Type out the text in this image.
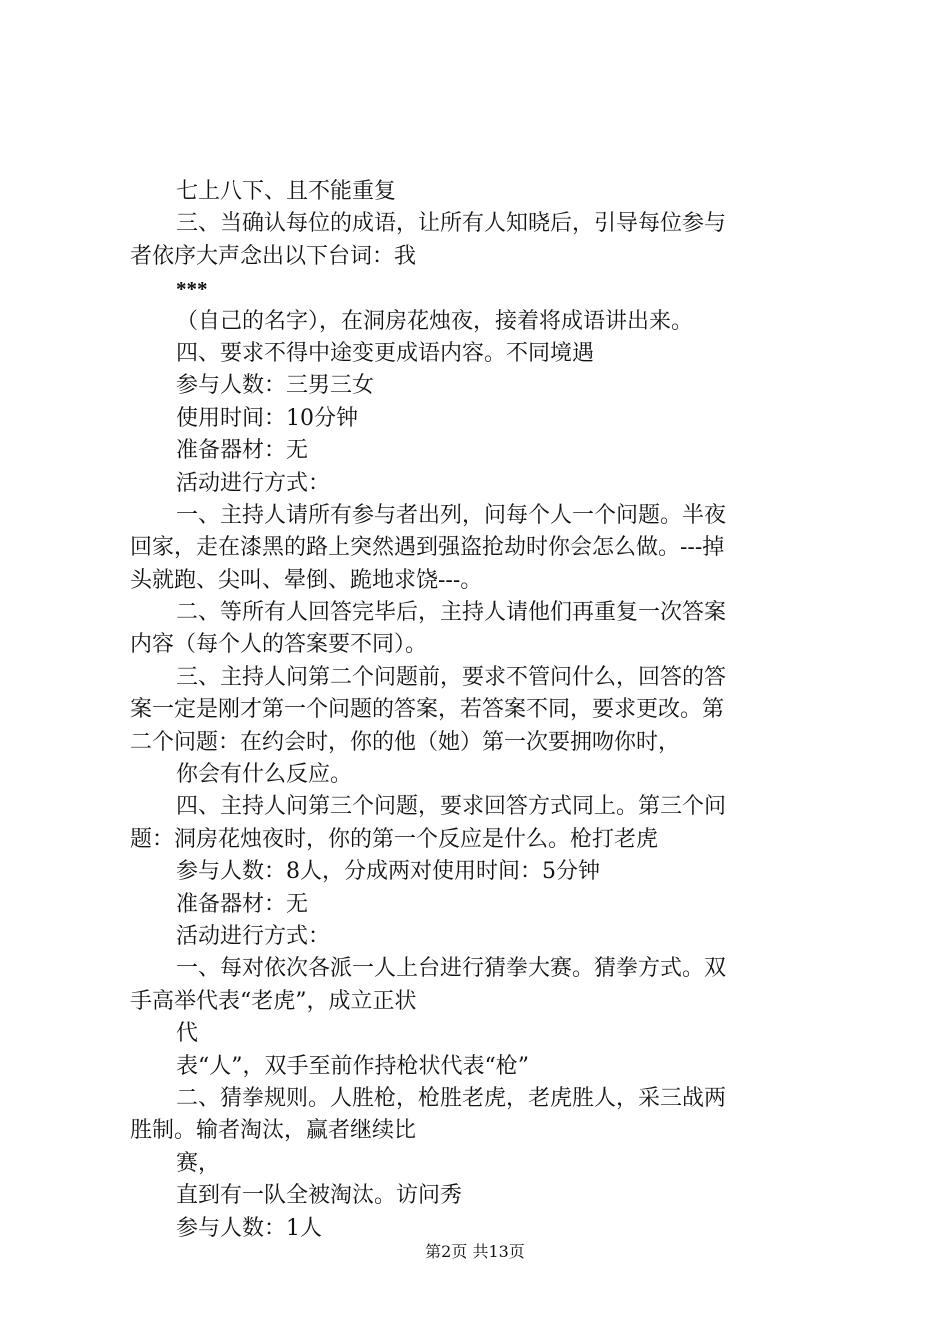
七上八下、且不能重复
三、当确认每位的成语，让所有人知晓后，引导每位参与
者依序大声念出以下台词：我
***
（自己的名字），在洞房花烛夜，接着将成语讲出来。
四、要求不得中途变更成语内容。不同境遇
参与人数：三男三女
使用时间：10分钟
准备器材：无
活动进行方式：
一、主持人请所有参与者出列，问每个人一个问题。半夜
回家，走在漆黑的路上突然遇到强盗抢劫时你会怎么做。---掉
头就跑、尖叫、晕倒、跪地求饶---。
二、等所有人回答完毕后，主持人请他们再重复一次答案
内容（每个人的答案要不同）。
三、主持人问第二个问题前，要求不管问什么，回答的答
案一定是刚才第一个问题的答案，若答案不同，要求更改。第
二个问题：在约会时，你的他（她）第一次要拥吻你时，
你会有什么反应。
四、主持人问第三个问题，要求回答方式同上。第三个问
题：洞房花烛夜时，你的第一个反应是什么。枪打老虎
参与人数：8人，分成两对使用时间：5分钟
准备器材：无
活动进行方式：
一、每对依次各派一人上台进行猜拳大赛。猜拳方式。双
手高举代表“老虎”，成立正状
代
表“人”，双手至前作持枪状代表“枪”
二、猜拳规则。人胜枪，枪胜老虎，老虎胜人，采三战两
胜制。输者淘汰，赢者继续比
赛，
直到有一队全被淘汰。访问秀
参与人数：1人
第2页 共13页
